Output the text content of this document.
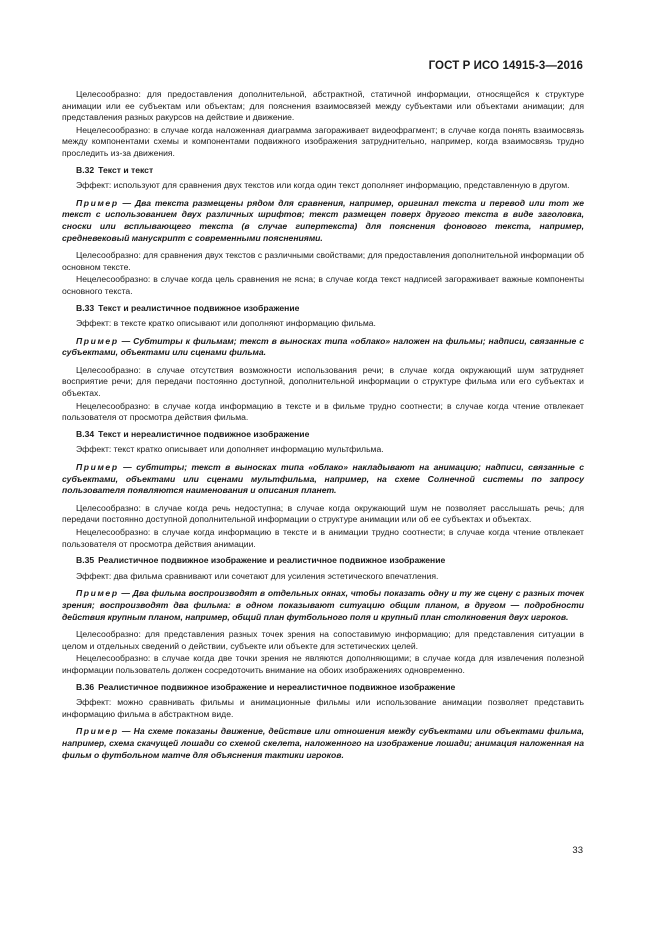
ГОСТ Р ИСО 14915-3—2016

Целесообразно: для предоставления дополнительной, абстрактной, статичной информации, относящейся к структуре анимации или ее субъектам или объектам; для пояснения взаимосвязей между субъектами или объектами анимации; для представления разных ракурсов на действие и движение.

Нецелесообразно: в случае когда наложенная диаграмма загораживает видеофрагмент; в случае когда понять взаимосвязь между компонентами схемы и компонентами подвижного изображения затруднительно, например, когда взаимосвязь трудно проследить из-за движения.

B.32 Текст и текст

Эффект: используют для сравнения двух текстов или когда один текст дополняет информацию, представленную в другом.

Пример — Два текста размещены рядом для сравнения, например, оригинал текста и перевод или тот же текст с использованием двух различных шрифтов; текст размещен поверх другого текста в виде заголовка, сноски или всплывающего текста (в случае гипертекста) для пояснения фонового текста, например, средневековый манускрипт с современными пояснениями.

Целесообразно: для сравнения двух текстов с различными свойствами; для предоставления дополнительной информации об основном тексте.

Нецелесообразно: в случае когда цель сравнения не ясна; в случае когда текст надписей загораживает важные компоненты основного текста.

B.33 Текст и реалистичное подвижное изображение

Эффект: в тексте кратко описывают или дополняют информацию фильма.

Пример — Субтитры к фильмам; текст в выносках типа «облако» наложен на фильмы; надписи, связанные с субъектами, объектами или сценами фильма.

Целесообразно: в случае отсутствия возможности использования речи; в случае когда окружающий шум затрудняет восприятие речи; для передачи постоянно доступной, дополнительной информации о структуре фильма или его субъектах и объектах.

Нецелесообразно: в случае когда информацию в тексте и в фильме трудно соотнести; в случае когда чтение отвлекает пользователя от просмотра действия фильма.

B.34 Текст и нереалистичное подвижное изображение

Эффект: текст кратко описывает или дополняет информацию мультфильма.

Пример — субтитры; текст в выносках типа «облако» накладывают на анимацию; надписи, связанные с субъектами, объектами или сценами мультфильма, например, на схеме Солнечной системы по запросу пользователя появляются наименования и описания планет.

Целесообразно: в случае когда речь недоступна; в случае когда окружающий шум не позволяет расслышать речь; для передачи постоянно доступной дополнительной информации о структуре анимации или об ее субъектах и объектах.

Нецелесообразно: в случае когда информацию в тексте и в анимации трудно соотнести; в случае когда чтение отвлекает пользователя от просмотра действия анимации.

B.35 Реалистичное подвижное изображение и реалистичное подвижное изображение

Эффект: два фильма сравнивают или сочетают для усиления эстетического впечатления.

Пример — Два фильма воспроизводят в отдельных окнах, чтобы показать одну и ту же сцену с разных точек зрения; воспроизводят два фильма: в одном показывают ситуацию общим планом, в другом — подробности действия крупным планом, например, общий план футбольного поля и крупный план столкновения двух игроков.

Целесообразно: для представления разных точек зрения на сопоставимую информацию; для представления ситуации в целом и отдельных сведений о действии, субъекте или объекте для эстетических целей.

Нецелесообразно: в случае когда две точки зрения не являются дополняющими; в случае когда для извлечения полезной информации пользователь должен сосредоточить внимание на обоих изображениях одновременно.

B.36 Реалистичное подвижное изображение и нереалистичное подвижное изображение

Эффект: можно сравнивать фильмы и анимационные фильмы или использование анимации позволяет представить информацию фильма в абстрактном виде.

Пример — На схеме показаны движение, действие или отношения между субъектами или объектами фильма, например, схема скачущей лошади со схемой скелета, наложенного на изображение лошади; анимация наложенная на фильм о футбольном матче для объяснения тактики игроков.

33
